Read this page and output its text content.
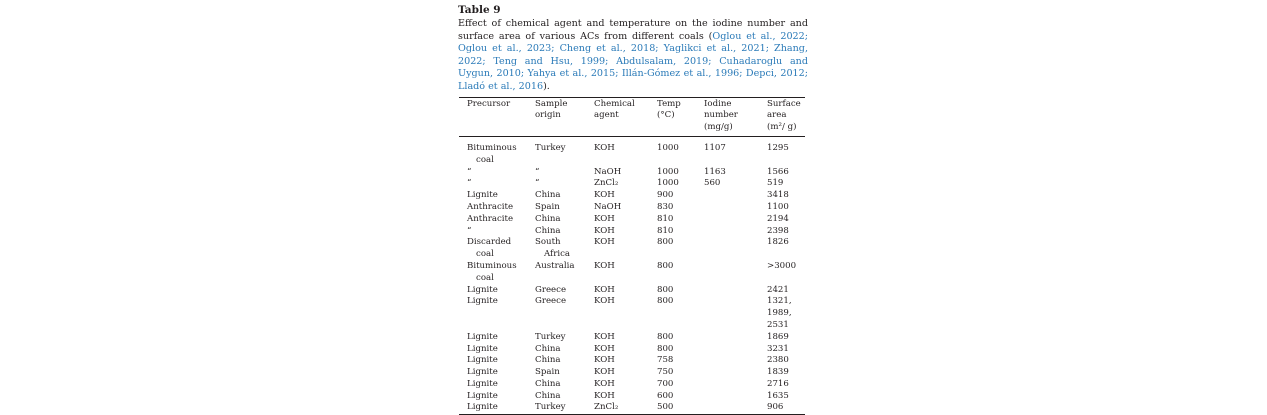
Table 9
Effect of chemical agent and temperature on the iodine number and surface area of various ACs from different coals (Oglou et al., 2022; Oglou et al., 2023; Cheng et al., 2018; Yaglikci et al., 2021; Zhang, 2022; Teng and Hsu, 1999; Abdulsalam, 2019; Cuhadaroglu and Uygun, 2010; Yahya et al., 2015; Illán-Gómez et al., 1996; Depci, 2012; Lladó et al., 2016).
Precursor	Sample origin	Chemical agent	Temp (°C)	Iodine number (mg/g)	Surface area (m²/ g)

Bituminous coal	Turkey	KOH	1000	1107	1295

“	“	NaOH	1000	1163	1566

“	“	ZnCl₂	1000	560	519

Lignite	China	KOH	900		3418

Anthracite	Spain	NaOH	830		1100

Anthracite	China	KOH	810		2194

“	China	KOH	810		2398

Discarded coal	South Africa	KOH	800		1826

Bituminous coal	Australia	KOH	800		>3000

Lignite	Greece	KOH	800		2421

Lignite	Greece	KOH	800		1321, 1989, 2531

Lignite	Turkey	KOH	800		1869

Lignite	China	KOH	800		3231

Lignite	China	KOH	758		2380

Lignite	Spain	KOH	750		1839

Lignite	China	KOH	700		2716

Lignite	China	KOH	600		1635

Lignite	Turkey	ZnCl₂	500		906
